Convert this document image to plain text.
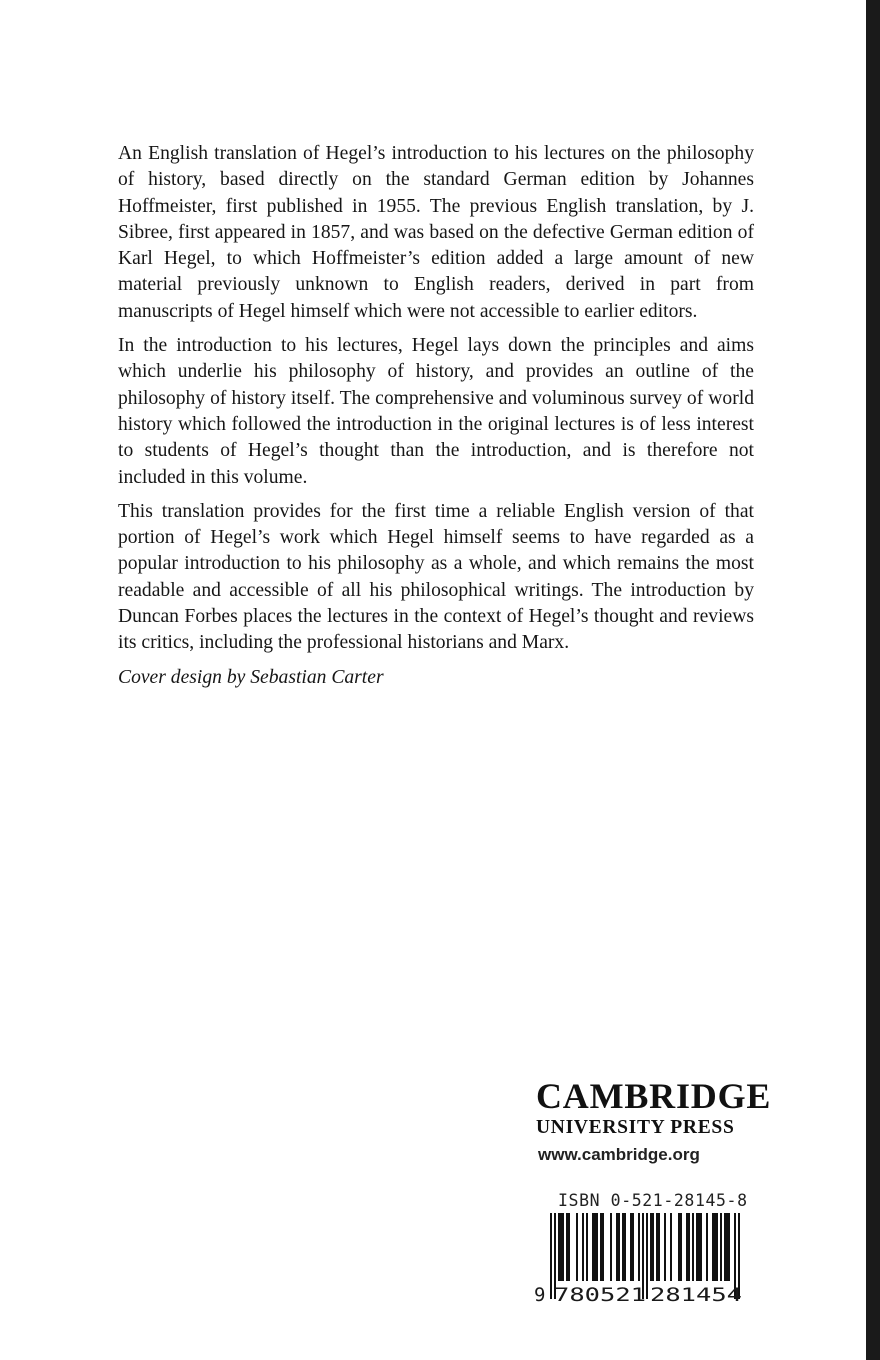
An English translation of Hegel’s introduction to his lectures on the philosophy of history, based directly on the standard German edition by Johannes Hoffmeister, first published in 1955. The previous English translation, by J. Sibree, first appeared in 1857, and was based on the defective German edition of Karl Hegel, to which Hoffmeister’s edition added a large amount of new material previously unknown to English readers, derived in part from manuscripts of Hegel himself which were not accessible to earlier editors.

In the introduction to his lectures, Hegel lays down the principles and aims which underlie his philosophy of history, and provides an outline of the philosophy of history itself. The comprehensive and voluminous survey of world history which followed the introduction in the original lectures is of less interest to students of Hegel’s thought than the introduction, and is therefore not included in this volume.

This translation provides for the first time a reliable English version of that portion of Hegel’s work which Hegel himself seems to have regarded as a popular introduction to his philosophy as a whole, and which remains the most readable and accessible of all his philosophical writings. The introduction by Duncan Forbes places the lectures in the context of Hegel’s thought and reviews its critics, including the professional historians and Marx.

Cover design by Sebastian Carter

CAMBRIDGE
UNIVERSITY PRESS
www.cambridge.org
ISBN 0-521-28145-8
9 780521 281454
